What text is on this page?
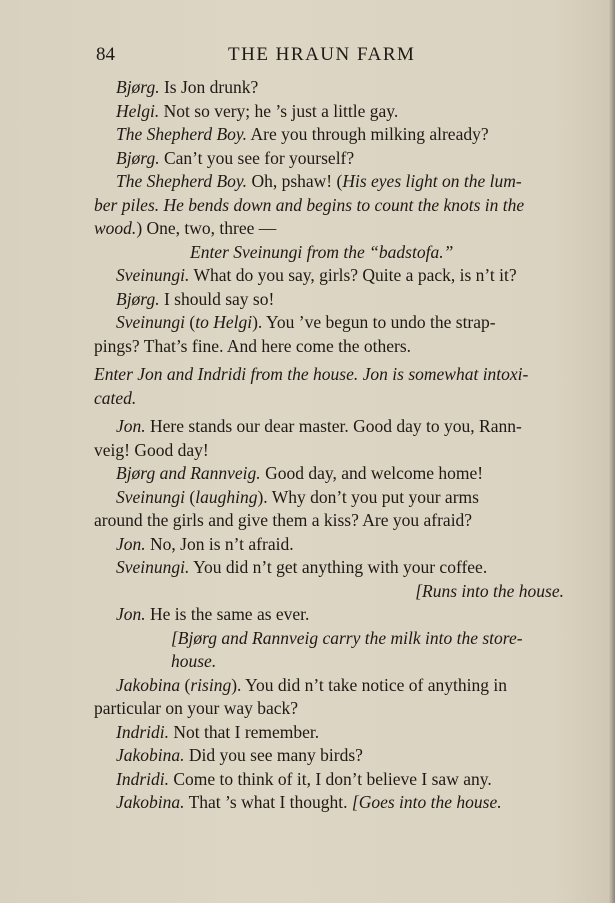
84	THE HRAUN FARM
Bjørg. Is Jon drunk?
Helgi. Not so very; he ’s just a little gay.
The Shepherd Boy. Are you through milking already?
Bjørg. Can’t you see for yourself?
The Shepherd Boy. Oh, pshaw! (His eyes light on the lum-
ber piles. He bends down and begins to count the knots in the
wood.) One, two, three —
Enter Sveinungi from the “badstofa.”
Sveinungi. What do you say, girls? Quite a pack, is n’t it?
Bjørg. I should say so!
Sveinungi (to Helgi). You ’ve begun to undo the strap-
pings? That’s fine. And here come the others.
Enter Jon and Indridi from the house. Jon is somewhat intoxi-
cated.
Jon. Here stands our dear master. Good day to you, Rann-
veig! Good day!
Bjørg and Rannveig. Good day, and welcome home!
Sveinungi (laughing). Why don’t you put your arms
around the girls and give them a kiss? Are you afraid?
Jon. No, Jon is n’t afraid.
Sveinungi. You did n’t get anything with your coffee.
[Runs into the house.
Jon. He is the same as ever.
[Bjørg and Rannveig carry the milk into the store-
house.
Jakobina (rising). You did n’t take notice of anything in
particular on your way back?
Indridi. Not that I remember.
Jakobina. Did you see many birds?
Indridi. Come to think of it, I don’t believe I saw any.
Jakobina. That ’s what I thought. [Goes into the house.
